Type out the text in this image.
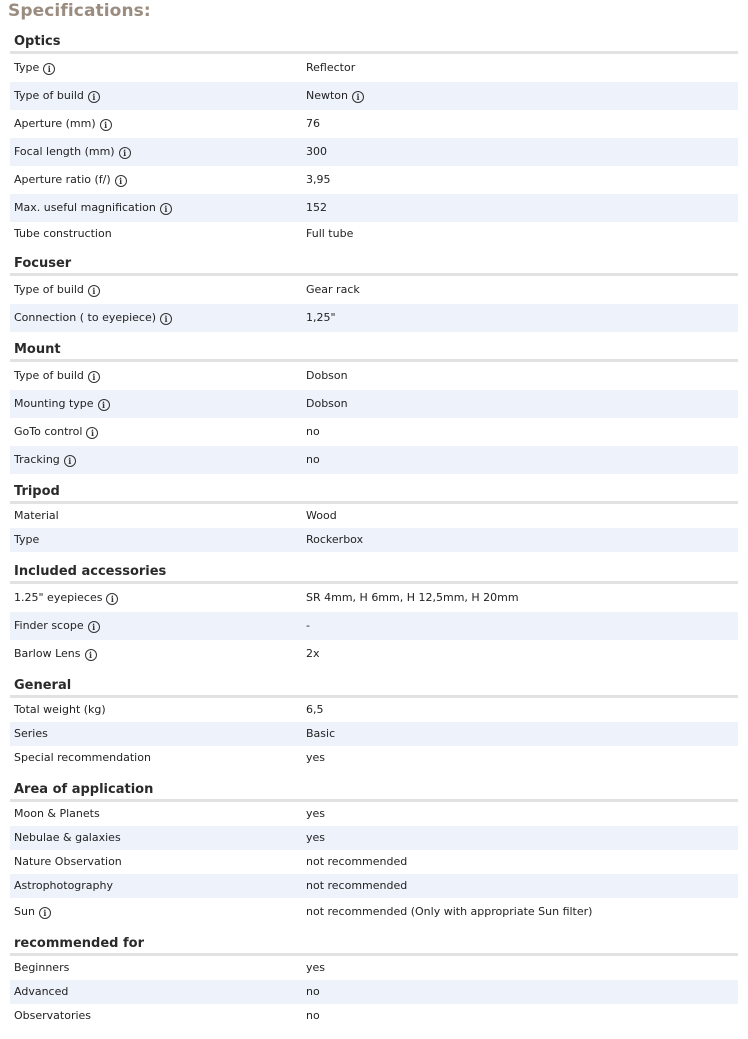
Specifications:
Optics
Type i	Reflector
Type of build i	Newton i
Aperture (mm) i	76
Focal length (mm) i	300
Aperture ratio (f/) i	3,95
Max. useful magnification i	152
Tube construction	Full tube
Focuser
Type of build i	Gear rack
Connection ( to eyepiece) i	1,25"
Mount
Type of build i	Dobson
Mounting type i	Dobson
GoTo control i	no
Tracking i	no
Tripod
Material	Wood
Type	Rockerbox
Included accessories
1.25" eyepieces i	SR 4mm, H 6mm, H 12,5mm, H 20mm
Finder scope i	-
Barlow Lens i	2x
General
Total weight (kg)	6,5
Series	Basic
Special recommendation	yes
Area of application
Moon & Planets	yes
Nebulae & galaxies	yes
Nature Observation	not recommended
Astrophotography	not recommended
Sun i	not recommended (Only with appropriate Sun filter)
recommended for
Beginners	yes
Advanced	no
Observatories	no
